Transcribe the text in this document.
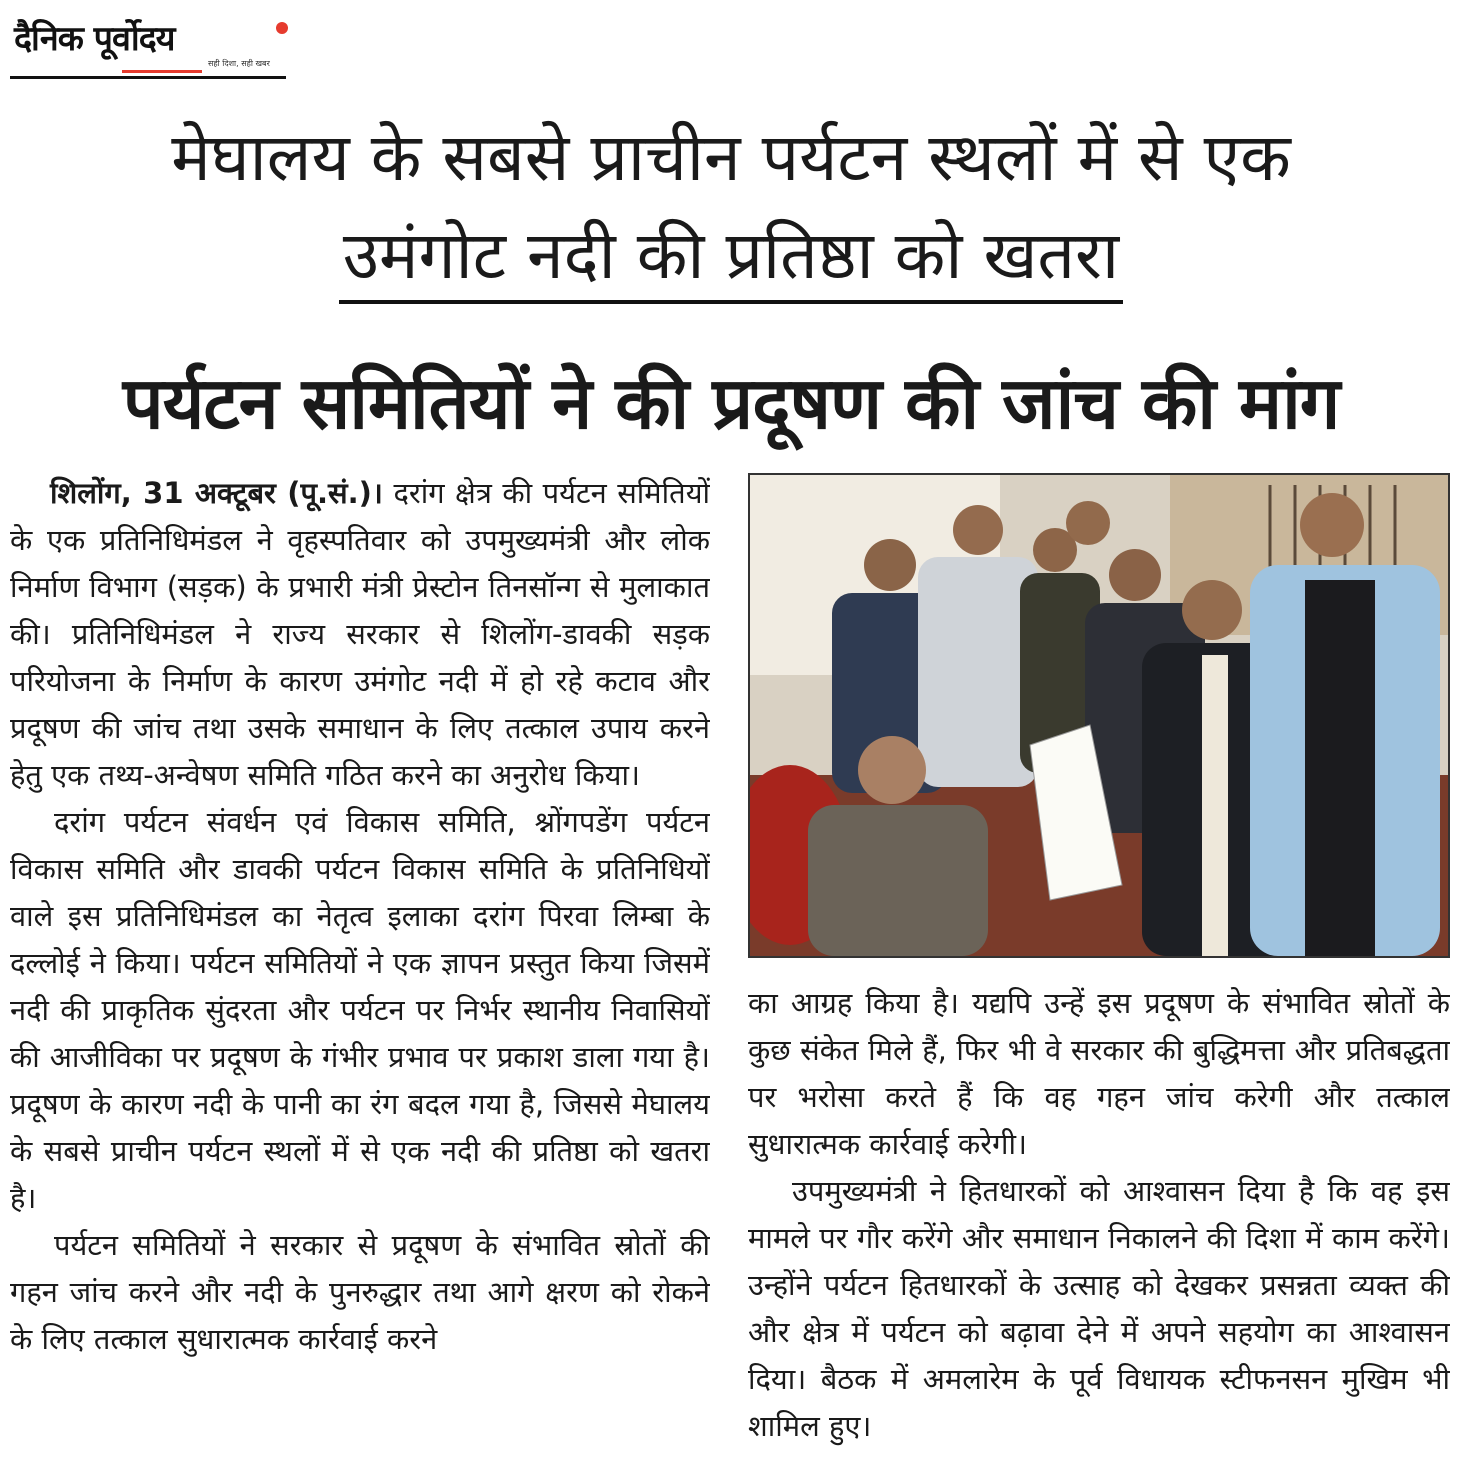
दैनिक पूर्वोदय
सही दिशा, सही खबर
मेघालय के सबसे प्राचीन पर्यटन स्थलों में से एक
उमंगोट नदी की प्रतिष्ठा को खतरा
पर्यटन समितियों ने की प्रदूषण की जांच की मांग

शिलोंग, 31 अक्टूबर (पू.सं.)। दरांग क्षेत्र की पर्यटन समितियों के एक प्रतिनिधिमंडल ने वृहस्पतिवार को उपमुख्यमंत्री और लोक निर्माण विभाग (सड़क) के प्रभारी मंत्री प्रेस्टोन तिनसॉन्ग से मुलाकात की। प्रतिनिधिमंडल ने राज्य सरकार से शिलोंग-डावकी सड़क परियोजना के निर्माण के कारण उमंगोट नदी में हो रहे कटाव और प्रदूषण की जांच तथा उसके समाधान के लिए तत्काल उपाय करने हेतु एक तथ्य-अन्वेषण समिति गठित करने का अनुरोध किया।

दरांग पर्यटन संवर्धन एवं विकास समिति, श्नोंगपडेंग पर्यटन विकास समिति और डावकी पर्यटन विकास समिति के प्रतिनिधियों वाले इस प्रतिनिधिमंडल का नेतृत्व इलाका दरांग पिरवा लिम्बा के दल्लोई ने किया। पर्यटन समितियों ने एक ज्ञापन प्रस्तुत किया जिसमें नदी की प्राकृतिक सुंदरता और पर्यटन पर निर्भर स्थानीय निवासियों की आजीविका पर प्रदूषण के गंभीर प्रभाव पर प्रकाश डाला गया है। प्रदूषण के कारण नदी के पानी का रंग बदल गया है, जिससे मेघालय के सबसे प्राचीन पर्यटन स्थलों में से एक नदी की प्रतिष्ठा को खतरा है।

पर्यटन समितियों ने सरकार से प्रदूषण के संभावित स्रोतों की गहन जांच करने और नदी के पुनरुद्धार तथा आगे क्षरण को रोकने के लिए तत्काल सुधारात्मक कार्रवाई करने

का आग्रह किया है। यद्यपि उन्हें इस प्रदूषण के संभावित स्रोतों के कुछ संकेत मिले हैं, फिर भी वे सरकार की बुद्धिमत्ता और प्रतिबद्धता पर भरोसा करते हैं कि वह गहन जांच करेगी और तत्काल सुधारात्मक कार्रवाई करेगी।

उपमुख्यमंत्री ने हितधारकों को आश्वासन दिया है कि वह इस मामले पर गौर करेंगे और समाधान निकालने की दिशा में काम करेंगे। उन्होंने पर्यटन हितधारकों के उत्साह को देखकर प्रसन्नता व्यक्त की और क्षेत्र में पर्यटन को बढ़ावा देने में अपने सहयोग का आश्वासन दिया। बैठक में अमलारेम के पूर्व विधायक स्टीफनसन मुखिम भी शामिल हुए।
